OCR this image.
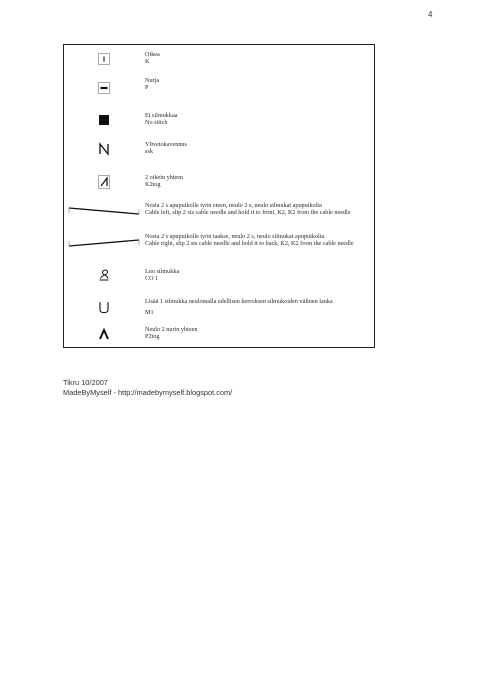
4
Oikea
K
Nurja
P
Ei silmukkaa
No stitch
Ylivetokavennus
ssk
2 oikein yhteen
K2tog
Nosta 2 s apupuikolle työn eteen, neulo 2 s, neulo silmukat apupuikolta
Cable left, slip 2 sts cable needle and hold it to front, K2, K2 from the cable needle
Nosta 2 s apupuikolle työn taakse, neulo 2 s, neulo silmukat apupuikolta
Cable right, slip 2 sts cable needle and hold it to back, K2, K2 from the cable needle
Luo silmukka
CO 1
Lisää 1 silmukka neulomalla edellisen kerroksen silmukoiden välinen lanka
M1
Neulo 2 nurin yhteen
P2tog
Tikru 10/2007
MadeByMyself - http://madebymyself.blogspot.com/
